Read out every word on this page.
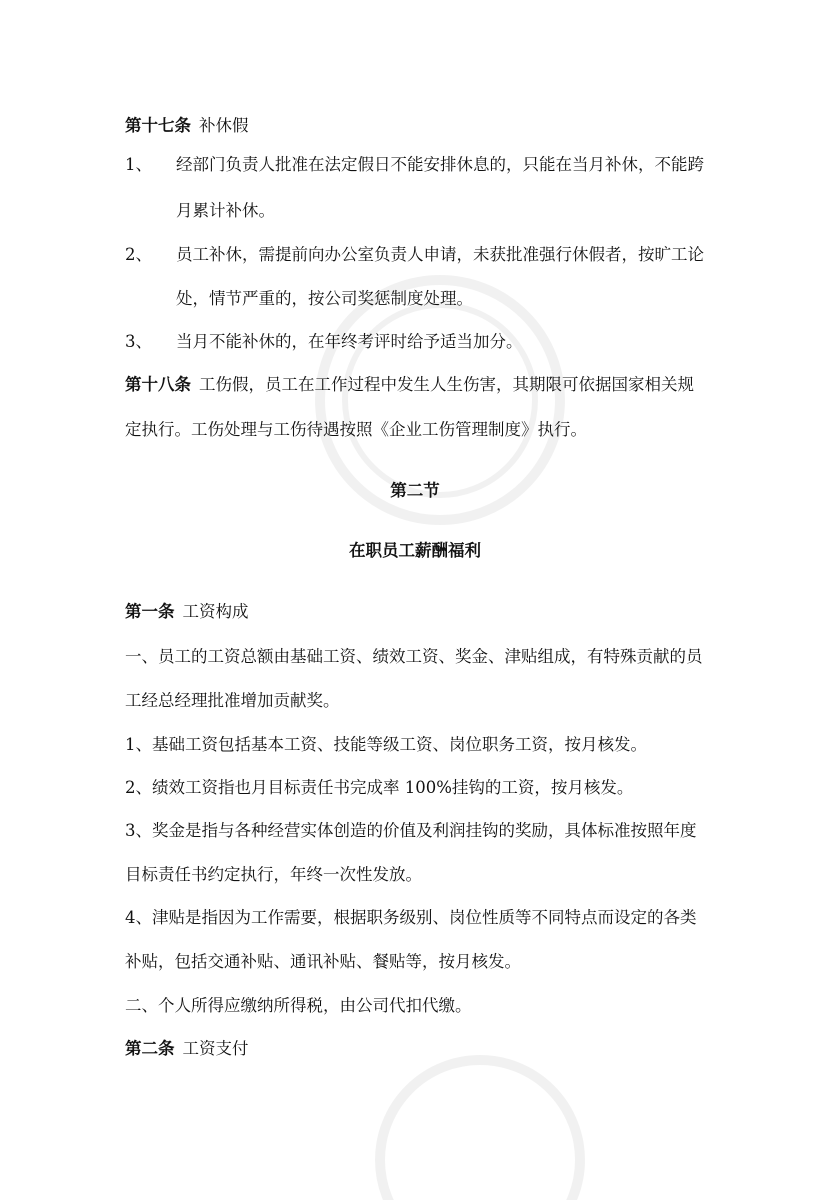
第十七条 补休假
1、 经部门负责人批准在法定假日不能安排休息的，只能在当月补休，不能跨
月累计补休。
2、 员工补休，需提前向办公室负责人申请，未获批准强行休假者，按旷工论
处，情节严重的，按公司奖惩制度处理。
3、 当月不能补休的，在年终考评时给予适当加分。
第十八条 工伤假，员工在工作过程中发生人生伤害，其期限可依据国家相关规
定执行。工伤处理与工伤待遇按照《企业工伤管理制度》执行。
第二节
在职员工薪酬福利
第一条 工资构成
一、员工的工资总额由基础工资、绩效工资、奖金、津贴组成，有特殊贡献的员
工经总经理批准增加贡献奖。
1、基础工资包括基本工资、技能等级工资、岗位职务工资，按月核发。
2、绩效工资指也月目标责任书完成率 100%挂钩的工资，按月核发。
3、奖金是指与各种经营实体创造的价值及利润挂钩的奖励，具体标准按照年度
目标责任书约定执行，年终一次性发放。
4、津贴是指因为工作需要，根据职务级别、岗位性质等不同特点而设定的各类
补贴，包括交通补贴、通讯补贴、餐贴等，按月核发。
二、个人所得应缴纳所得税，由公司代扣代缴。
第二条 工资支付
